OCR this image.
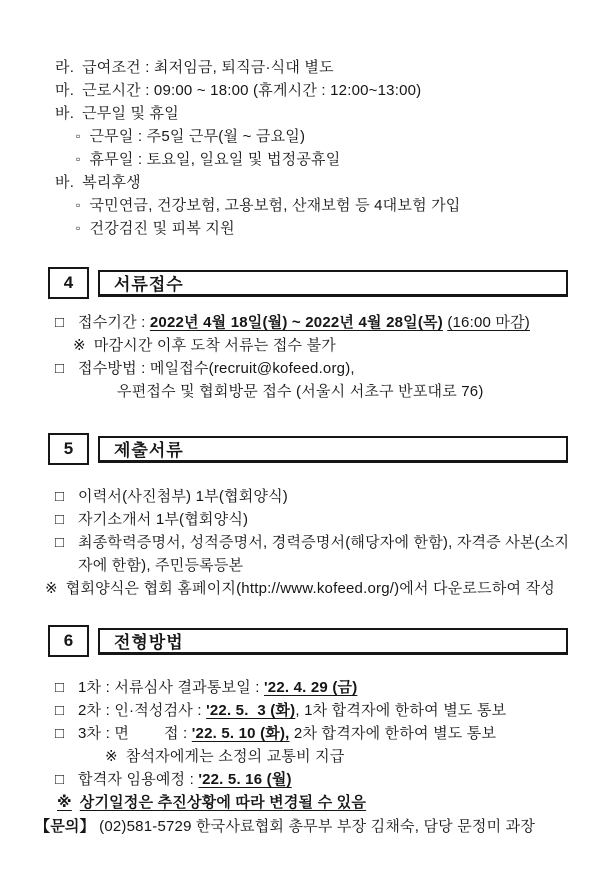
라. 급여조건 : 최저임금, 퇴직금·식대 별도
마. 근로시간 : 09:00 ~ 18:00 (휴게시간 : 12:00~13:00)
바. 근무일 및 휴일
▫ 근무일 : 주5일 근무(월 ~ 금요일)
▫ 휴무일 : 토요일, 일요일 및 법정공휴일
바. 복리후생
▫ 국민연금, 건강보험, 고용보험, 산재보험 등 4대보험 가입
▫ 건강검진 및 피복 지원
4 서류접수
□ 접수기간 : 2022년 4월 18일(월) ~ 2022년 4월 28일(목) (16:00 마감)
※ 마감시간 이후 도착 서류는 접수 불가
□ 접수방법 : 메일접수(recruit@kofeed.org),
우편접수 및 협회방문 접수 (서울시 서초구 반포대로 76)
5 제출서류
□ 이력서(사진첨부) 1부(협회양식)
□ 자기소개서 1부(협회양식)
□ 최종학력증명서, 성적증명서, 경력증명서(해당자에 한함), 자격증 사본(소지자에 한함), 주민등록등본
※ 협회양식은 협회 홈페이지(http://www.kofeed.org/)에서 다운로드하여 작성
6 전형방법
□ 1차 : 서류심사 결과통보일 : '22. 4. 29 (금)
□ 2차 : 인·적성검사 : '22. 5.  3 (화), 1차 합격자에 한하여 별도 통보
□ 3차 : 면        접 : '22. 5. 10 (화), 2차 합격자에 한하여 별도 통보
※ 참석자에게는 소정의 교통비 지급
□ 합격자 임용예정 : '22. 5. 16 (월)
※ 상기일정은 추진상황에 따라 변경될 수 있음
【문의】 (02)581-5729 한국사료협회 총무부 부장 김채숙, 담당 문정미 과장
